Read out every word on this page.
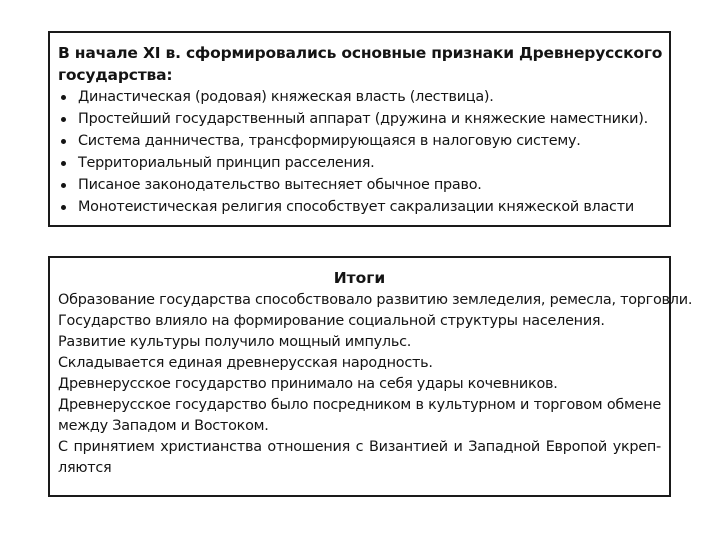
В начале XI в. сформировались основные признаки Древнерусского
государства:
Династическая (родовая) княжеская власть (лествица).
Простейший государственный аппарат (дружина и княжеские наместники).
Система данничества, трансформирующаяся в налоговую систему.
Территориальный принцип расселения.
Писаное законодательство вытесняет обычное право.
Монотеистическая религия способствует сакрализации княжеской власти
Итоги
Образование государства способствовало развитию земледелия, ремесла, торговли.
Государство влияло на формирование социальной структуры населения.
Развитие культуры получило мощный импульс.
Складывается единая древнерусская народность.
Древнерусское государство принимало на себя удары кочевников.
Древнерусское государство было посредником в культурном и торговом обмене
между Западом и Востоком.
С принятием христианства отношения с Византией и Западной Европой укреп-
ляются
